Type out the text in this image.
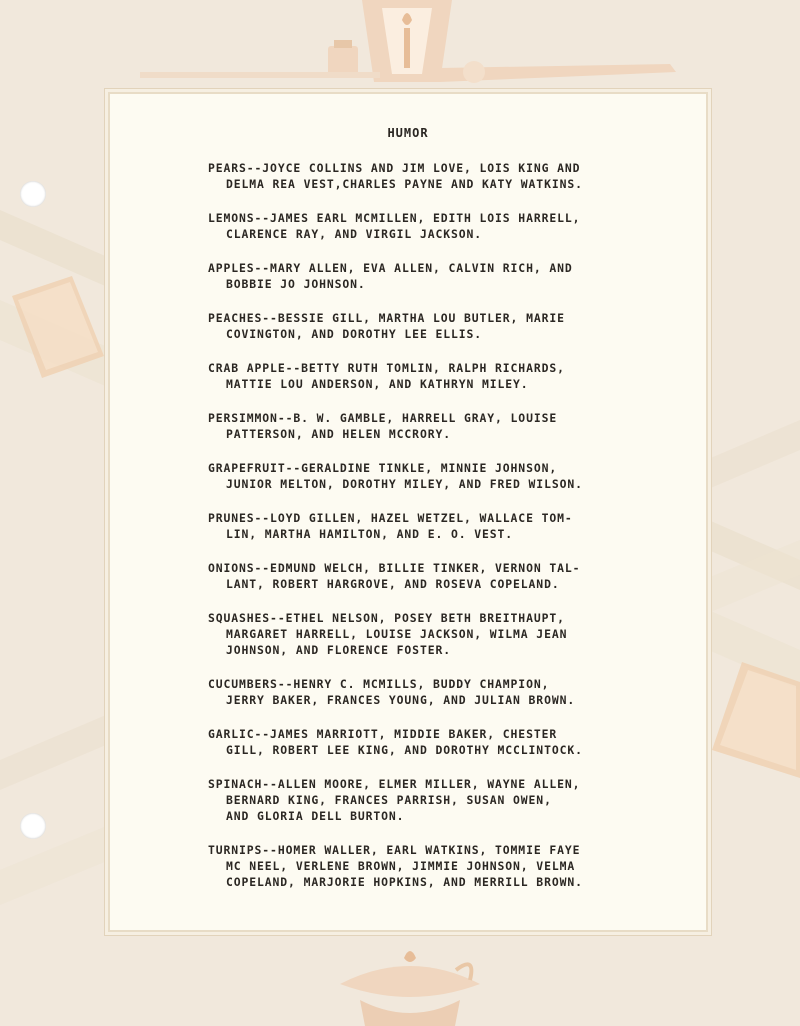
HUMOR
PEARS--JOYCE COLLINS AND JIM LOVE, LOIS KING AND
DELMA REA VEST,CHARLES PAYNE AND KATY WATKINS.
LEMONS--JAMES EARL MCMILLEN, EDITH LOIS HARRELL,
CLARENCE RAY, AND VIRGIL JACKSON.
APPLES--MARY ALLEN, EVA ALLEN, CALVIN RICH, AND
BOBBIE JO JOHNSON.
PEACHES--BESSIE GILL, MARTHA LOU BUTLER, MARIE
COVINGTON, AND DOROTHY LEE ELLIS.
CRAB APPLE--BETTY RUTH TOMLIN, RALPH RICHARDS,
MATTIE LOU ANDERSON, AND KATHRYN MILEY.
PERSIMMON--B. W. GAMBLE, HARRELL GRAY, LOUISE
PATTERSON, AND HELEN MCCRORY.
GRAPEFRUIT--GERALDINE TINKLE, MINNIE JOHNSON,
JUNIOR MELTON, DOROTHY MILEY, AND FRED WILSON.
PRUNES--LOYD GILLEN, HAZEL WETZEL, WALLACE TOM-
LIN, MARTHA HAMILTON, AND E. O. VEST.
ONIONS--EDMUND WELCH, BILLIE TINKER, VERNON TAL-
LANT, ROBERT HARGROVE, AND ROSEVA COPELAND.
SQUASHES--ETHEL NELSON, POSEY BETH BREITHAUPT,
MARGARET HARRELL, LOUISE JACKSON, WILMA JEAN
JOHNSON, AND FLORENCE FOSTER.
CUCUMBERS--HENRY C. MCMILLS, BUDDY CHAMPION,
JERRY BAKER, FRANCES YOUNG, AND JULIAN BROWN.
GARLIC--JAMES MARRIOTT, MIDDIE BAKER, CHESTER
GILL, ROBERT LEE KING, AND DOROTHY MCCLINTOCK.
SPINACH--ALLEN MOORE, ELMER MILLER, WAYNE ALLEN,
BERNARD KING, FRANCES PARRISH, SUSAN OWEN,
AND GLORIA DELL BURTON.
TURNIPS--HOMER WALLER, EARL WATKINS, TOMMIE FAYE
MC NEEL, VERLENE BROWN, JIMMIE JOHNSON, VELMA
COPELAND, MARJORIE HOPKINS, AND MERRILL BROWN.
